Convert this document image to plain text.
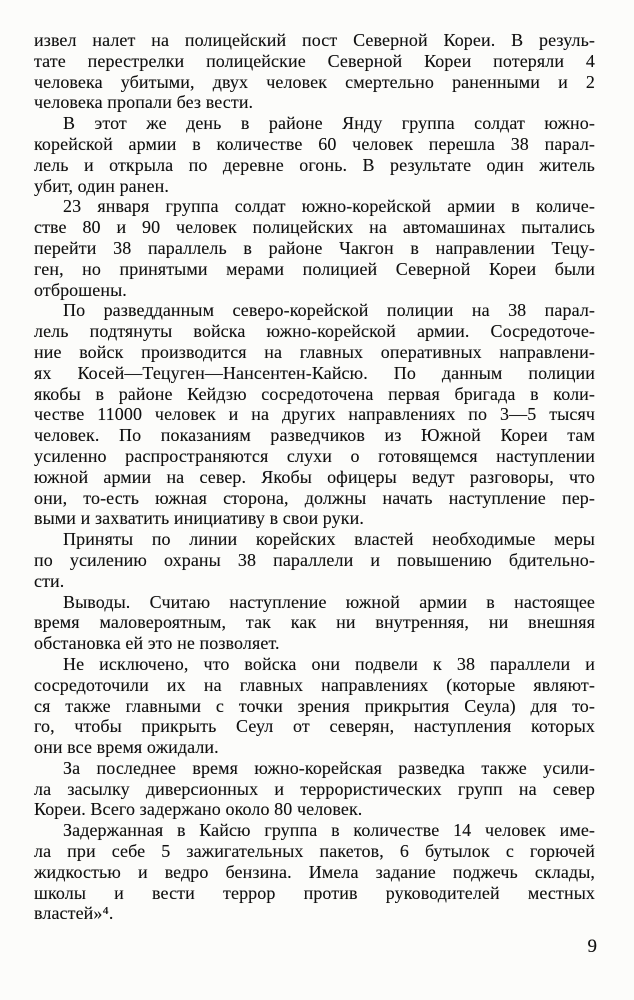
извел налет на полицейский пост Северной Кореи. В резуль-
тате перестрелки полицейские Северной Кореи потеряли 4
человека убитыми, двух человек смертельно раненными и 2
человека пропали без вести.
В этот же день в районе Янду группа солдат южно-
корейской армии в количестве 60 человек перешла 38 парал-
лель и открыла по деревне огонь. В результате один житель
убит, один ранен.
23 января группа солдат южно-корейской армии в количе-
стве 80 и 90 человек полицейских на автомашинах пытались
перейти 38 параллель в районе Чакгон в направлении Тецу-
ген, но принятыми мерами полицией Северной Кореи были
отброшены.
По разведданным северо-корейской полиции на 38 парал-
лель подтянуты войска южно-корейской армии. Сосредоточе-
ние войск производится на главных оперативных направлени-
ях Косей—Тецуген—Нансентен-Кайсю. По данным полиции
якобы в районе Кейдзю сосредоточена первая бригада в коли-
честве 11000 человек и на других направлениях по 3—5 тысяч
человек. По показаниям разведчиков из Южной Кореи там
усиленно распространяются слухи о готовящемся наступлении
южной армии на север. Якобы офицеры ведут разговоры, что
они, то-есть южная сторона, должны начать наступление пер-
выми и захватить инициативу в свои руки.
Приняты по линии корейских властей необходимые меры
по усилению охраны 38 параллели и повышению бдительно-
сти.
Выводы. Считаю наступление южной армии в настоящее
время маловероятным, так как ни внутренняя, ни внешняя
обстановка ей это не позволяет.
Не исключено, что войска они подвели к 38 параллели и
сосредоточили их на главных направлениях (которые являют-
ся также главными с точки зрения прикрытия Сеула) для то-
го, чтобы прикрыть Сеул от северян, наступления которых
они все время ожидали.
За последнее время южно-корейская разведка также усили-
ла засылку диверсионных и террористических групп на север
Кореи. Всего задержано около 80 человек.
Задержанная в Кайсю группа в количестве 14 человек име-
ла при себе 5 зажигательных пакетов, 6 бутылок с горючей
жидкостью и ведро бензина. Имела задание поджечь склады,
школы и вести террор против руководителей местных
властей»⁴.
9
